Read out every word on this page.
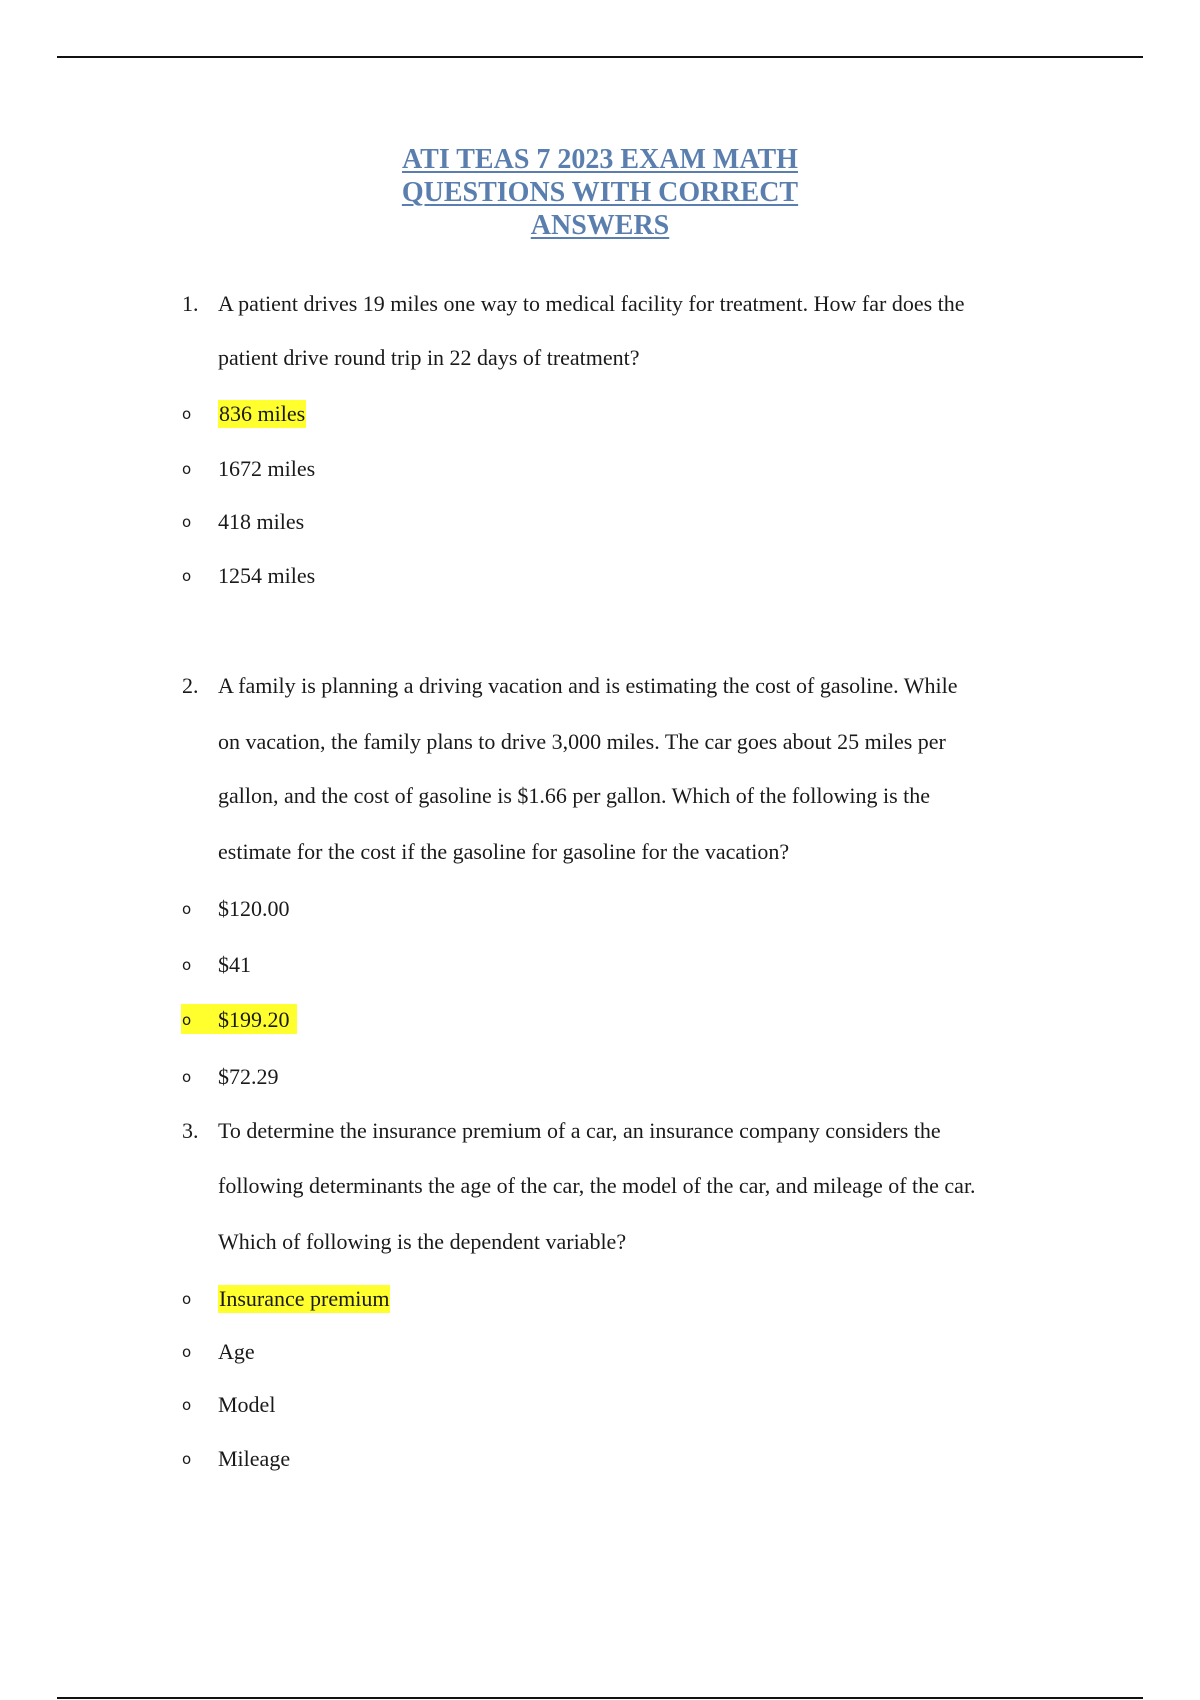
ATI TEAS 7 2023 EXAM MATH
QUESTIONS WITH CORRECT
ANSWERS
1. A patient drives 19 miles one way to medical facility for treatment. How far does the
patient drive round trip in 22 days of treatment?
o 836 miles
o 1672 miles
o 418 miles
o 1254 miles
2. A family is planning a driving vacation and is estimating the cost of gasoline. While
on vacation, the family plans to drive 3,000 miles. The car goes about 25 miles per
gallon, and the cost of gasoline is $1.66 per gallon. Which of the following is the
estimate for the cost if the gasoline for gasoline for the vacation?
o $120.00
o $41
o $199.20
o $72.29
3. To determine the insurance premium of a car, an insurance company considers the
following determinants the age of the car, the model of the car, and mileage of the car.
Which of following is the dependent variable?
o Insurance premium
o Age
o Model
o Mileage
